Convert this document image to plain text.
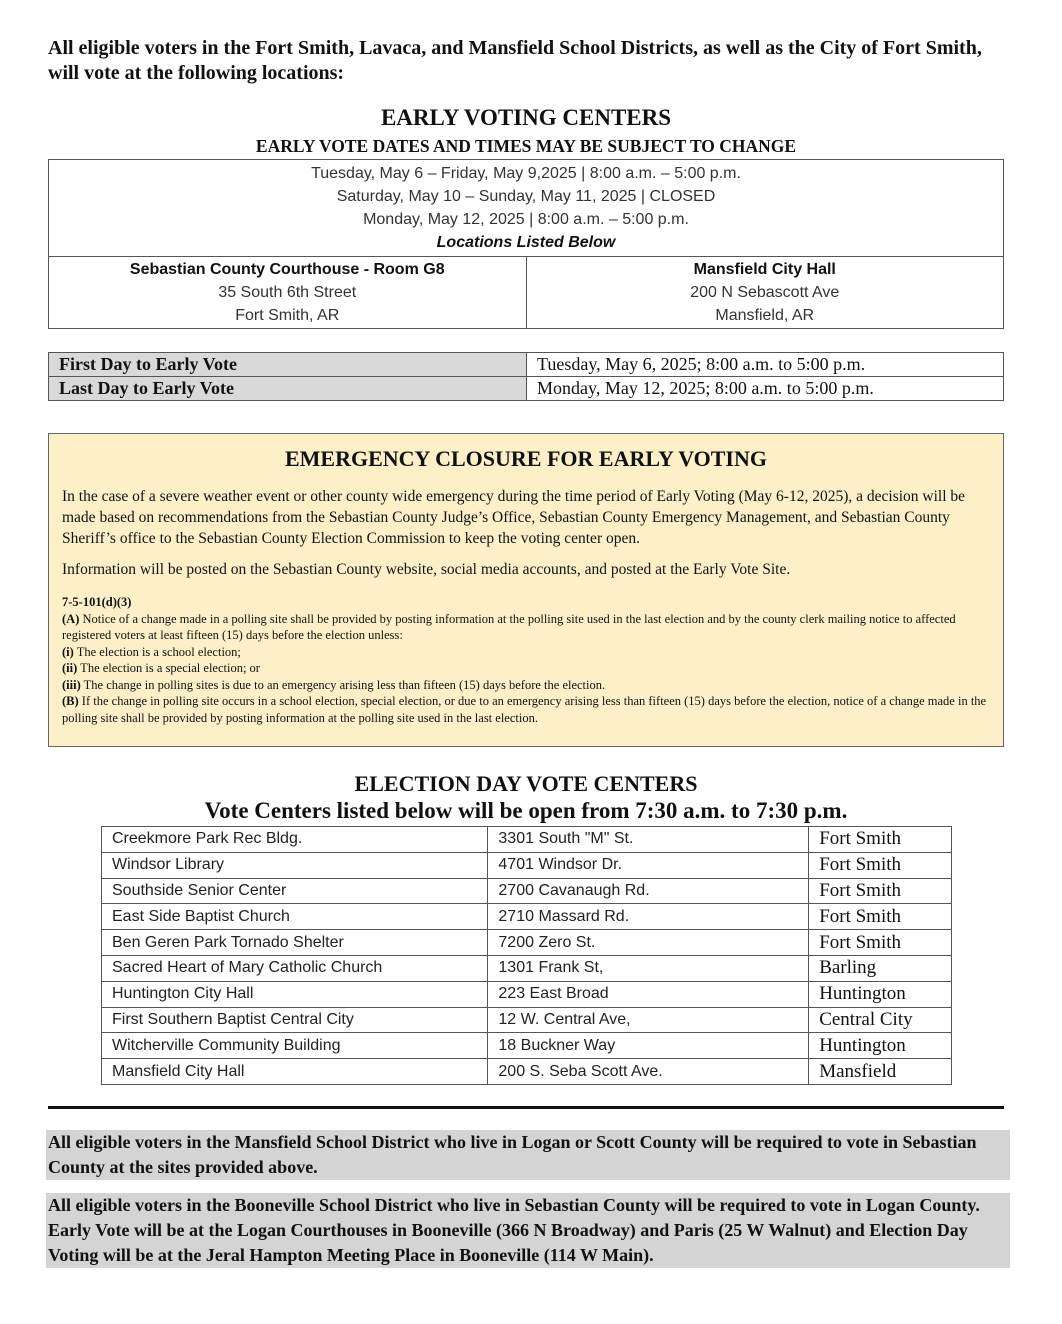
All eligible voters in the Fort Smith, Lavaca, and Mansfield School Districts, as well as the City of Fort Smith, will vote at the following locations:
EARLY VOTING CENTERS
EARLY VOTE DATES AND TIMES MAY BE SUBJECT TO CHANGE
Tuesday, May 6 – Friday, May 9,2025 | 8:00 a.m. – 5:00 p.m.
Saturday, May 10 – Sunday, May 11, 2025 | CLOSED
Monday, May 12, 2025 | 8:00 a.m. – 5:00 p.m.
Locations Listed Below

Sebastian County Courthouse - Room G8
35 South 6th Street
Fort Smith, AR

Mansfield City Hall
200 N Sebascott Ave
Mansfield, AR
First Day to Early Vote	Tuesday, May 6, 2025; 8:00 a.m. to 5:00 p.m.
Last Day to Early Vote	Monday, May 12, 2025; 8:00 a.m. to 5:00 p.m.
EMERGENCY CLOSURE FOR EARLY VOTING

In the case of a severe weather event or other county wide emergency during the time period of Early Voting (May 6-12, 2025), a decision will be made based on recommendations from the Sebastian County Judge’s Office, Sebastian County Emergency Management, and Sebastian County Sheriff’s office to the Sebastian County Election Commission to keep the voting center open.

Information will be posted on the Sebastian County website, social media accounts, and posted at the Early Vote Site.

7-5-101(d)(3)

(A) Notice of a change made in a polling site shall be provided by posting information at the polling site used in the last election and by the county clerk mailing notice to affected registered voters at least fifteen (15) days before the election unless:

(i) The election is a school election;

(ii) The election is a special election; or

(iii) The change in polling sites is due to an emergency arising less than fifteen (15) days before the election.

(B) If the change in polling site occurs in a school election, special election, or due to an emergency arising less than fifteen (15) days before the election, notice of a change made in the polling site shall be provided by posting information at the polling site used in the last election.

ELECTION DAY VOTE CENTERS
Vote Centers listed below will be open from 7:30 a.m. to 7:30 p.m.
Creekmore Park Rec Bldg.	3301 South "M" St.	Fort Smith
Windsor Library	4701 Windsor Dr.	Fort Smith
Southside Senior Center	2700 Cavanaugh Rd.	Fort Smith
East Side Baptist Church	2710 Massard Rd.	Fort Smith
Ben Geren Park Tornado Shelter	7200 Zero St.	Fort Smith
Sacred Heart of Mary Catholic Church	1301 Frank St,	Barling
Huntington City Hall	223 East Broad	Huntington
First Southern Baptist Central City	12 W. Central Ave,	Central City
Witcherville Community Building	18 Buckner Way	Huntington
Mansfield City Hall	200 S. Seba Scott Ave.	Mansfield
All eligible voters in the Mansfield School District who live in Logan or Scott County will be required to vote in Sebastian County at the sites provided above.
All eligible voters in the Booneville School District who live in Sebastian County will be required to vote in Logan County. Early Vote will be at the Logan Courthouses in Booneville (366 N Broadway) and Paris (25 W Walnut) and Election Day Voting will be at the Jeral Hampton Meeting Place in Booneville (114 W Main).
